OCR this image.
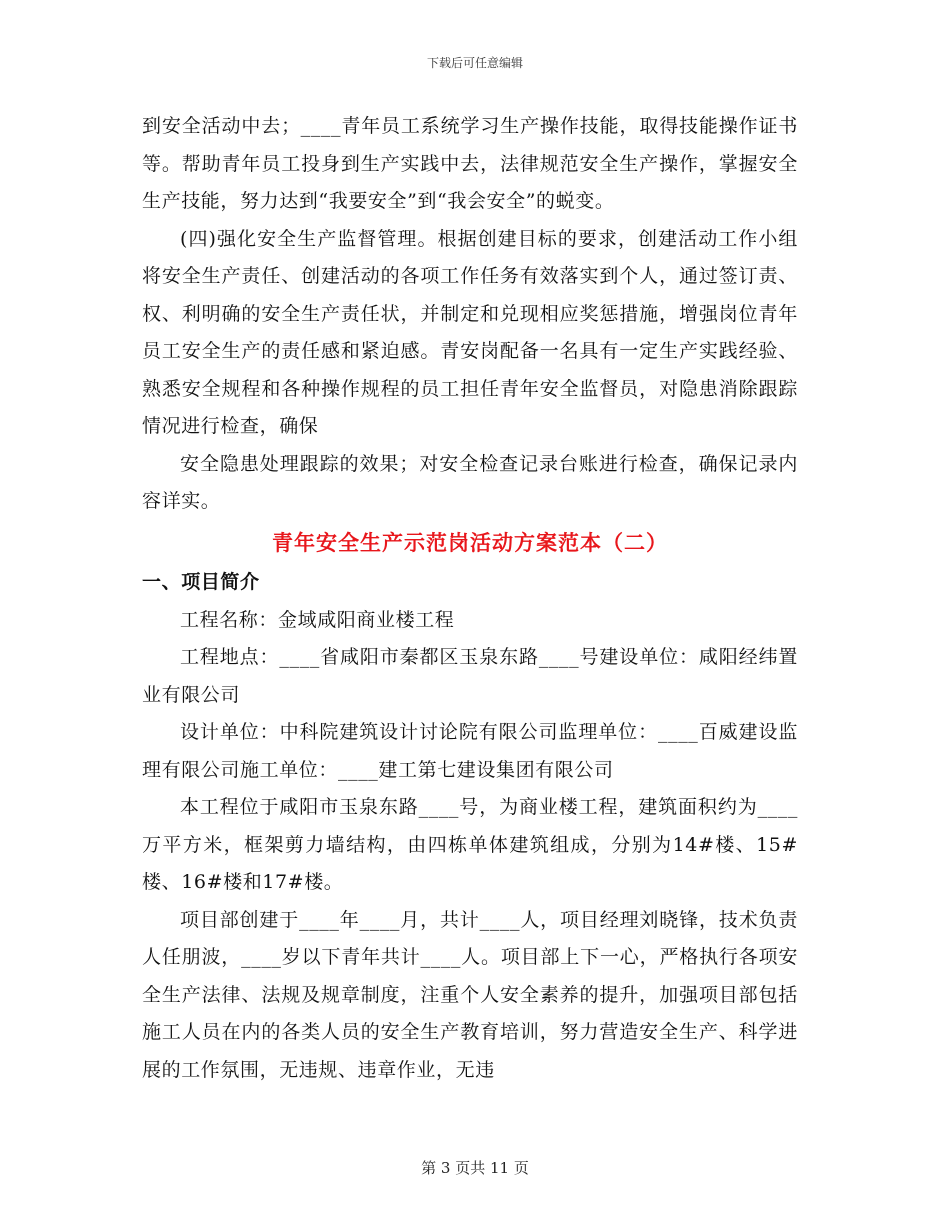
下载后可任意编辑

到安全活动中去；____青年员工系统学习生产操作技能，取得技能操作证书等。帮助青年员工投身到生产实践中去，法律规范安全生产操作，掌握安全生产技能，努力达到“我要安全”到“我会安全”的蜕变。

(四)强化安全生产监督管理。根据创建目标的要求，创建活动工作小组将安全生产责任、创建活动的各项工作任务有效落实到个人，通过签订责、权、利明确的安全生产责任状，并制定和兑现相应奖惩措施，增强岗位青年员工安全生产的责任感和紧迫感。青安岗配备一名具有一定生产实践经验、熟悉安全规程和各种操作规程的员工担任青年安全监督员，对隐患消除跟踪情况进行检查，确保

安全隐患处理跟踪的效果；对安全检查记录台账进行检查，确保记录内容详实。

青年安全生产示范岗活动方案范本（二）

一、项目简介

工程名称：金域咸阳商业楼工程

工程地点：____省咸阳市秦都区玉泉东路____号建设单位：咸阳经纬置业有限公司

设计单位：中科院建筑设计讨论院有限公司监理单位：____百威建设监理有限公司施工单位：____建工第七建设集团有限公司

本工程位于咸阳市玉泉东路____号，为商业楼工程，建筑面积约为____万平方米，框架剪力墙结构，由四栋单体建筑组成，分别为14#楼、15#楼、16#楼和17#楼。

项目部创建于____年____月，共计____人，项目经理刘晓锋，技术负责人任朋波，____岁以下青年共计____人。项目部上下一心，严格执行各项安全生产法律、法规及规章制度，注重个人安全素养的提升，加强项目部包括施工人员在内的各类人员的安全生产教育培训，努力营造安全生产、科学进展的工作氛围，无违规、违章作业，无违

第 3 页共 11 页
